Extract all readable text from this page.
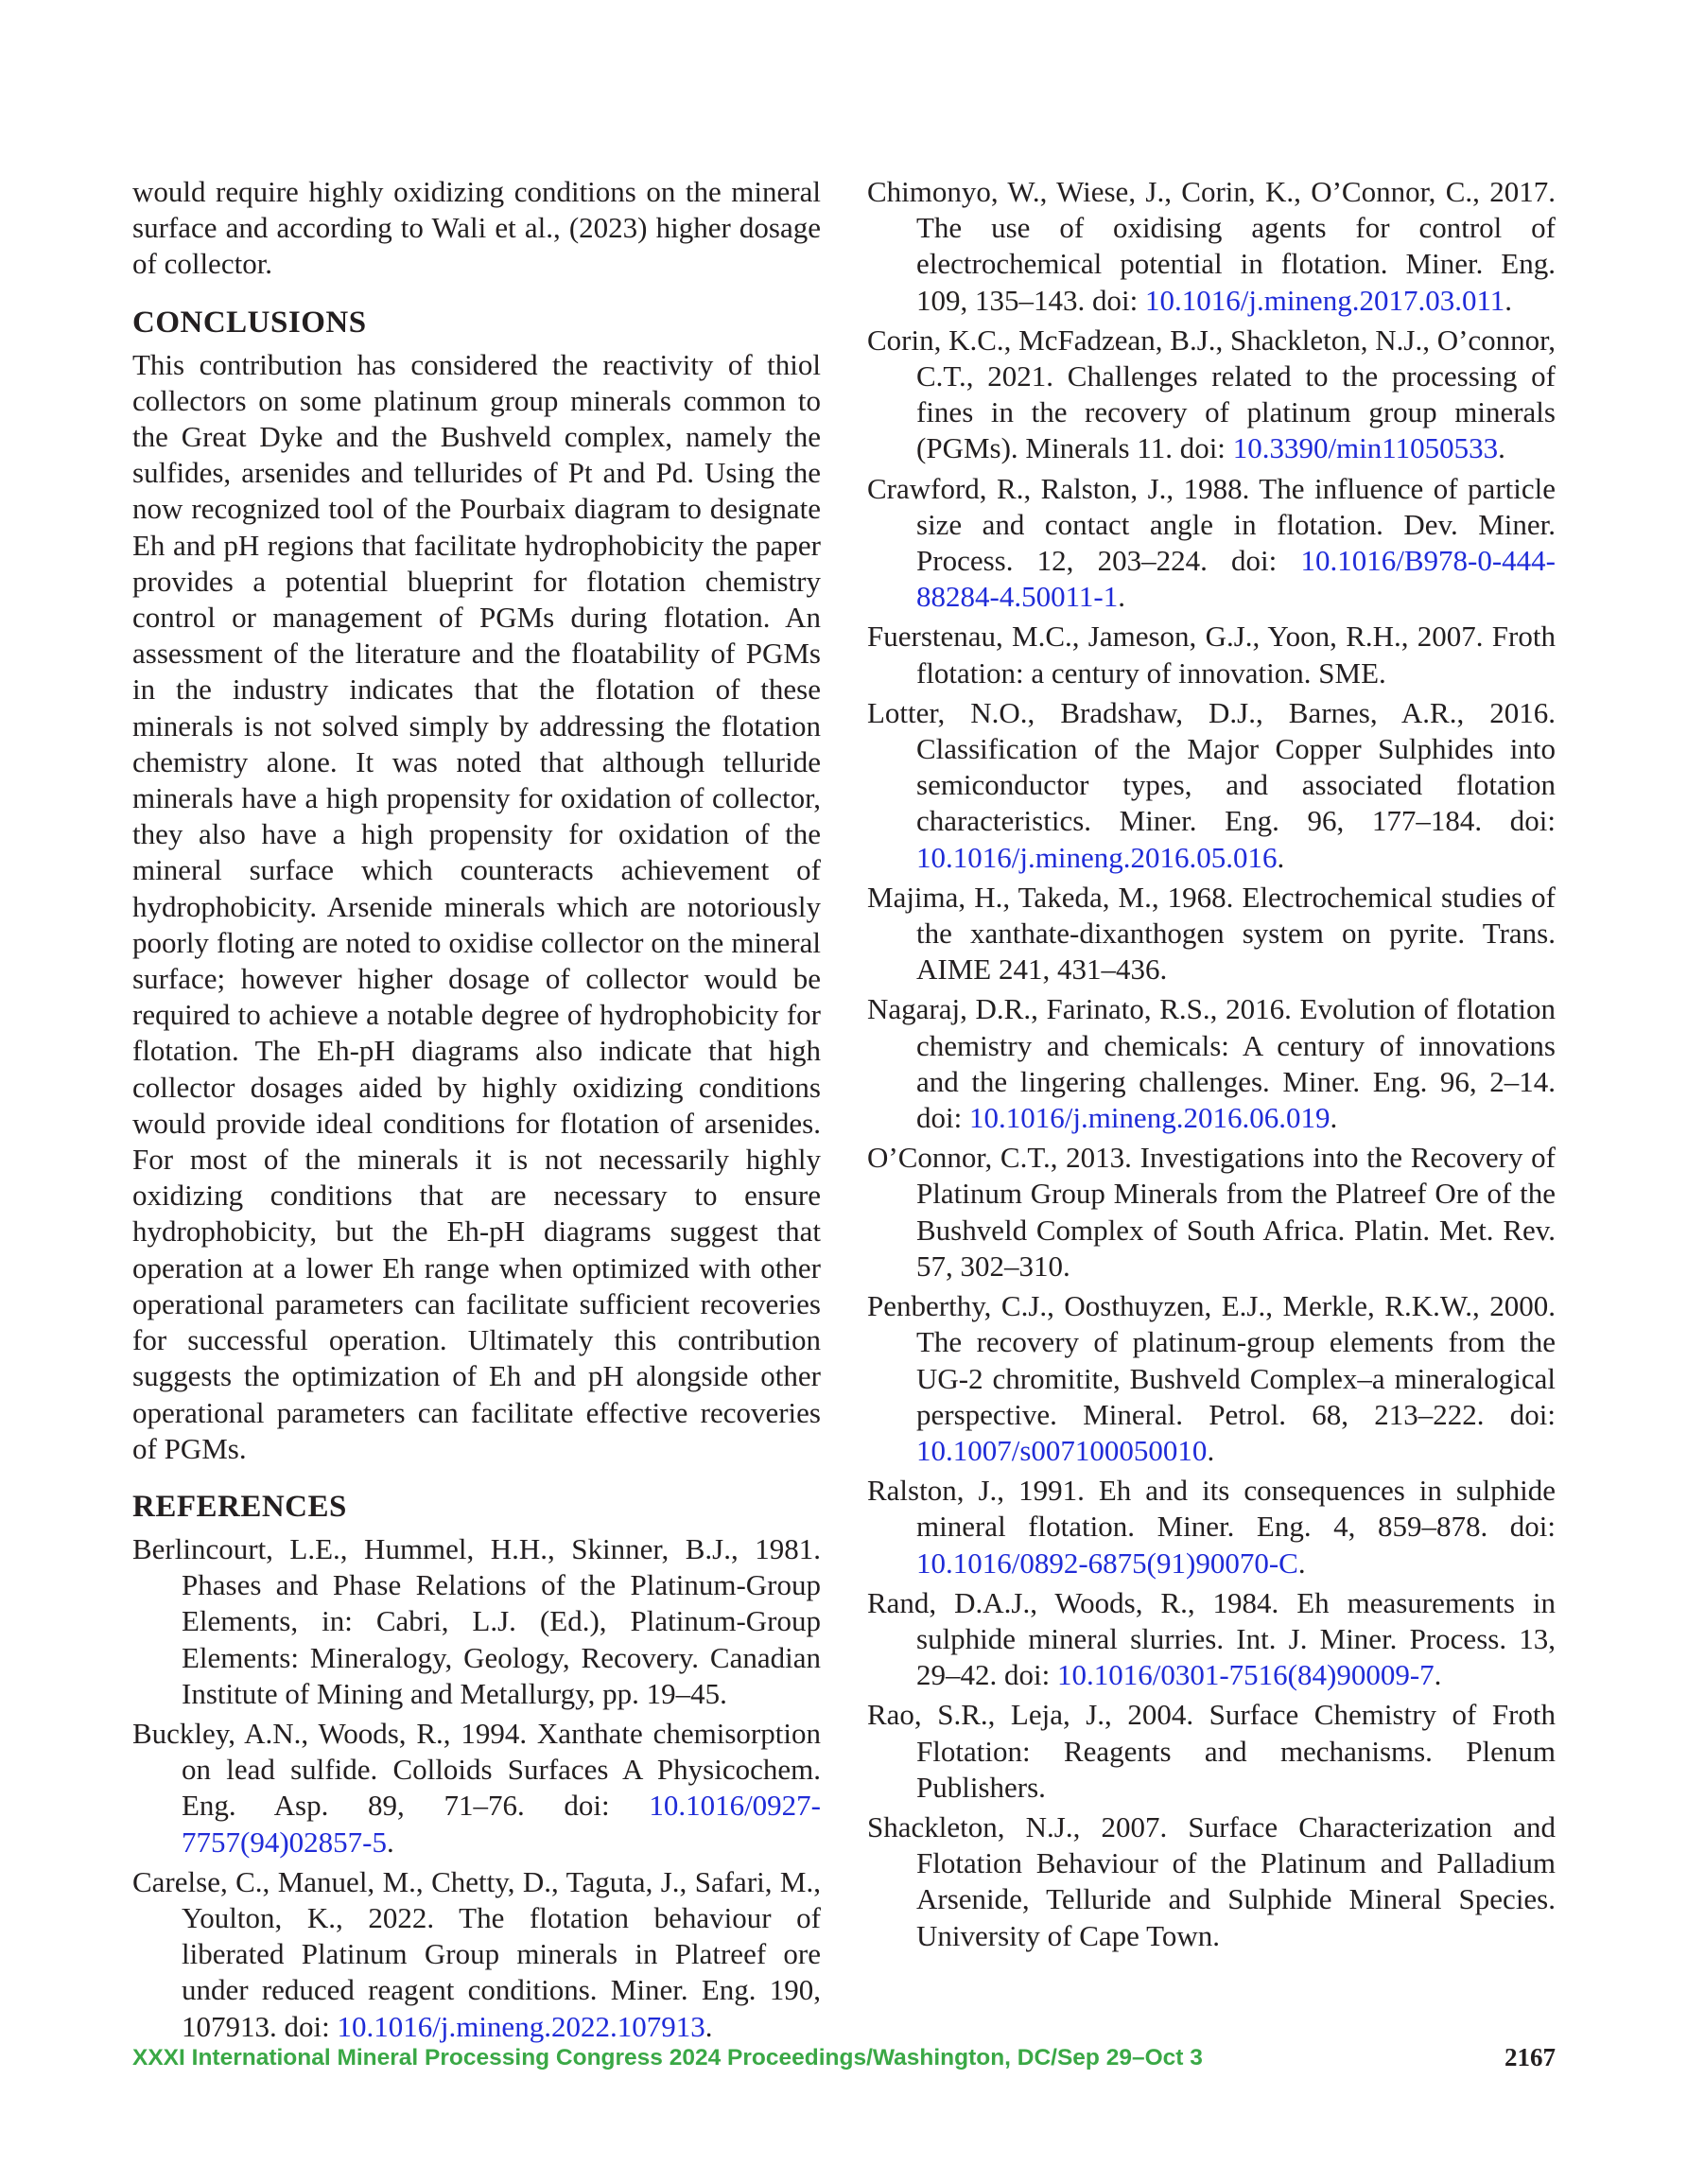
would require highly oxidizing conditions on the mineral surface and according to Wali et al., (2023) higher dosage of collector.

CONCLUSIONS

This contribution has considered the reactivity of thiol collectors on some platinum group minerals common to the Great Dyke and the Bushveld complex, namely the sulfides, arsenides and tellurides of Pt and Pd. Using the now recognized tool of the Pourbaix diagram to designate Eh and pH regions that facilitate hydrophobicity the paper provides a potential blueprint for flotation chemistry control or management of PGMs during flotation. An assessment of the literature and the floatability of PGMs in the industry indicates that the flotation of these minerals is not solved simply by addressing the flotation chemistry alone. It was noted that although telluride minerals have a high propensity for oxidation of collector, they also have a high propensity for oxidation of the mineral surface which counteracts achievement of hydrophobicity. Arsenide minerals which are notoriously poorly floting are noted to oxidise collector on the mineral surface; however higher dosage of collector would be required to achieve a notable degree of hydrophobicity for flotation. The Eh-pH diagrams also indicate that high collector dosages aided by highly oxidizing conditions would provide ideal conditions for flotation of arsenides. For most of the minerals it is not necessarily highly oxidizing conditions that are necessary to ensure hydrophobicity, but the Eh-pH diagrams suggest that operation at a lower Eh range when optimized with other operational parameters can facilitate sufficient recoveries for successful operation. Ultimately this contribution suggests the optimization of Eh and pH alongside other operational parameters can facilitate effective recoveries of PGMs.

REFERENCES

Berlincourt, L.E., Hummel, H.H., Skinner, B.J., 1981. Phases and Phase Relations of the Platinum-Group Elements, in: Cabri, L.J. (Ed.), Platinum-Group Elements: Mineralogy, Geology, Recovery. Canadian Institute of Mining and Metallurgy, pp. 19–45.

Buckley, A.N., Woods, R., 1994. Xanthate chemisorption on lead sulfide. Colloids Surfaces A Physicochem. Eng. Asp. 89, 71–76. doi: 10.1016/0927-7757(94)02857-5.

Carelse, C., Manuel, M., Chetty, D., Taguta, J., Safari, M., Youlton, K., 2022. The flotation behaviour of liberated Platinum Group minerals in Platreef ore under reduced reagent conditions. Miner. Eng. 190, 107913. doi: 10.1016/j.mineng.2022.107913.

Chimonyo, W., Wiese, J., Corin, K., O’Connor, C., 2017. The use of oxidising agents for control of electrochemical potential in flotation. Miner. Eng. 109, 135–143. doi: 10.1016/j.mineng.2017.03.011.

Corin, K.C., McFadzean, B.J., Shackleton, N.J., O’connor, C.T., 2021. Challenges related to the processing of fines in the recovery of platinum group minerals (PGMs). Minerals 11. doi: 10.3390/min11050533.

Crawford, R., Ralston, J., 1988. The influence of particle size and contact angle in flotation. Dev. Miner. Process. 12, 203–224. doi: 10.1016/B978-0-444-88284-4.50011-1.

Fuerstenau, M.C., Jameson, G.J., Yoon, R.H., 2007. Froth flotation: a century of innovation. SME.

Lotter, N.O., Bradshaw, D.J., Barnes, A.R., 2016. Classification of the Major Copper Sulphides into semiconductor types, and associated flotation characteristics. Miner. Eng. 96, 177–184. doi: 10.1016/j.mineng.2016.05.016.

Majima, H., Takeda, M., 1968. Electrochemical studies of the xanthate-dixanthogen system on pyrite. Trans. AIME 241, 431–436.

Nagaraj, D.R., Farinato, R.S., 2016. Evolution of flotation chemistry and chemicals: A century of innovations and the lingering challenges. Miner. Eng. 96, 2–14. doi: 10.1016/j.mineng.2016.06.019.

O’Connor, C.T., 2013. Investigations into the Recovery of Platinum Group Minerals from the Platreef Ore of the Bushveld Complex of South Africa. Platin. Met. Rev. 57, 302–310.

Penberthy, C.J., Oosthuyzen, E.J., Merkle, R.K.W., 2000. The recovery of platinum-group elements from the UG-2 chromitite, Bushveld Complex–a mineralogical perspective. Mineral. Petrol. 68, 213–222. doi: 10.1007/s007100050010.

Ralston, J., 1991. Eh and its consequences in sulphide mineral flotation. Miner. Eng. 4, 859–878. doi: 10.1016/0892-6875(91)90070-C.

Rand, D.A.J., Woods, R., 1984. Eh measurements in sulphide mineral slurries. Int. J. Miner. Process. 13, 29–42. doi: 10.1016/0301-7516(84)90009-7.

Rao, S.R., Leja, J., 2004. Surface Chemistry of Froth Flotation: Reagents and mechanisms. Plenum Publishers.

Shackleton, N.J., 2007. Surface Characterization and Flotation Behaviour of the Platinum and Palladium Arsenide, Telluride and Sulphide Mineral Species. University of Cape Town.

XXXI International Mineral Processing Congress 2024 Proceedings/Washington, DC/Sep 29–Oct 3	2167
